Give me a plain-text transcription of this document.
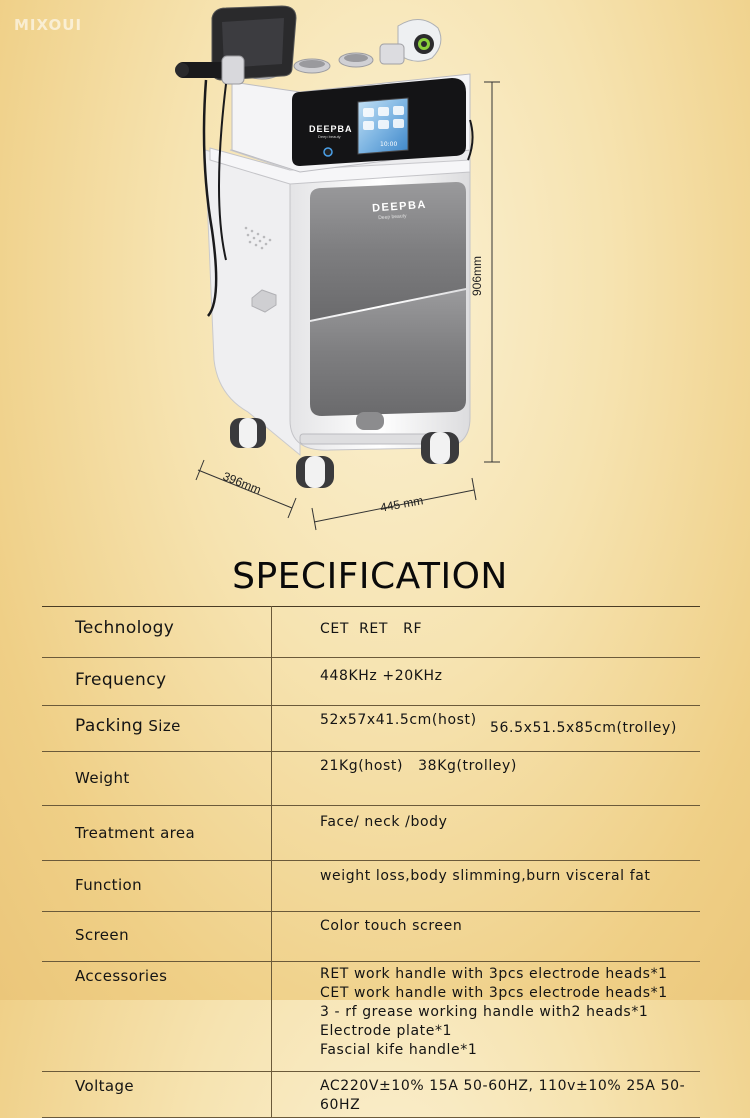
MIXOUI
DEEPBA
Deep beauty
10:00
DEEPBA
Deep beauty
906mm
396mm
445 mm
SPECIFICATION
Technology	CET  RET   RF
Frequency	448KHz +20KHz
Packing Size	52x57x41.5cm(host) 56.5x51.5x85cm(trolley)

Weight	21Kg(host)   38Kg(trolley)
Treatment area	Face/ neck /body
Function	weight loss,body slimming,burn visceral fat
Screen	Color touch screen
Accessories	RET work handle with 3pcs electrode heads*1
CET work handle with 3pcs electrode heads*1
3 - rf grease working handle with2 heads*1
Electrode plate*1
Fascial kife handle*1

Voltage	AC220V±10% 15A 50-60HZ, 110v±10% 25A 50-60HZ
